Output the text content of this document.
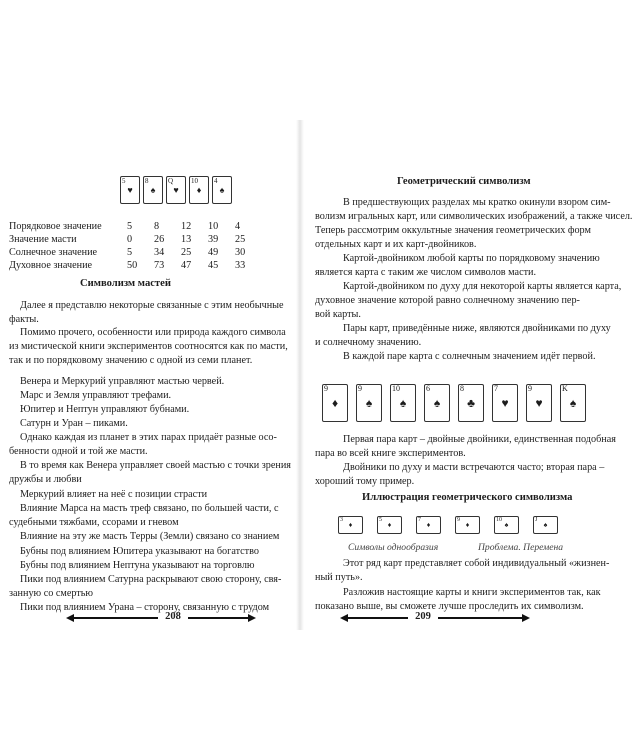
5
♥
8
♠
Q
♥
10
♦
4
♠
Порядковое значение	5	8	12	10	4
Значение масти	0	26	13	39	25
Солнечное значение	5	34	25	49	30
Духовное значение	50	73	47	45	33
Символизм мастей
Далее я представлю некоторые связанные с этим необычные
факты.
Помимо прочего, особенности или природа каждого символа
из мистической книги экспериментов соотносятся как по масти,
так и по порядковому значению с одной из семи планет.
Венера и Меркурий управляют мастью червей.
Марс и Земля управляют трефами.
Юпитер и Нептун управляют бубнами.
Сатурн и Уран – пиками.
Однако каждая из планет в этих парах придаёт разные осо-
бенности одной и той же масти.
В то время как Венера управляет своей мастью с точки зрения
дружбы и любви
Меркурий влияет на неё с позиции страсти
Влияние Марса на масть треф связано, по большей части, с
судебными тяжбами, ссорами и гневом
Влияние на эту же масть Терры (Земли) связано со знанием
Бубны под влиянием Юпитера указывают на богатство
Бубны под влиянием Нептуна указывают на торговлю
Пики под влиянием Сатурна раскрывают свою сторону, свя-
занную со смертью
Пики под влиянием Урана – сторону, связанную с трудом
208
Геометрический символизм
В предшествующих разделах мы кратко окинули взором сим-
волизм игральных карт, или символических изображений, а также чисел.
Теперь рассмотрим оккультные значения геометрических форм
отдельных карт и их карт-двойников.
Картой-двойником любой карты по порядковому значению
является карта с таким же числом символов масти.
Картой-двойником по духу для некоторой карты является карта,
духовное значение которой равно солнечному значению пер-
вой карты.
Пары карт, приведённые ниже, являются двойниками по духу
и солнечному значению.
В каждой паре карта с солнечным значением идёт первой.
9
♦
9
♠
10
♠
6
♠
8
♣
7
♥
9
♥
K
♠
Первая пара карт – двойные двойники, единственная подобная
пара во всей книге экспериментов.
Двойники по духу и масти встречаются часто; вторая пара –
хороший тому пример.
Иллюстрация геометрического символизма
3
♦
5
♦
7
♦
9
♦
10
♠
J
♠
Символы однообразия	Проблема. Перемена
Этот ряд карт представляет собой индивидуальный «жизнен-
ный путь».
Разложив настоящие карты и книги экспериментов так, как
показано выше, вы сможете лучше проследить их символизм.
209
